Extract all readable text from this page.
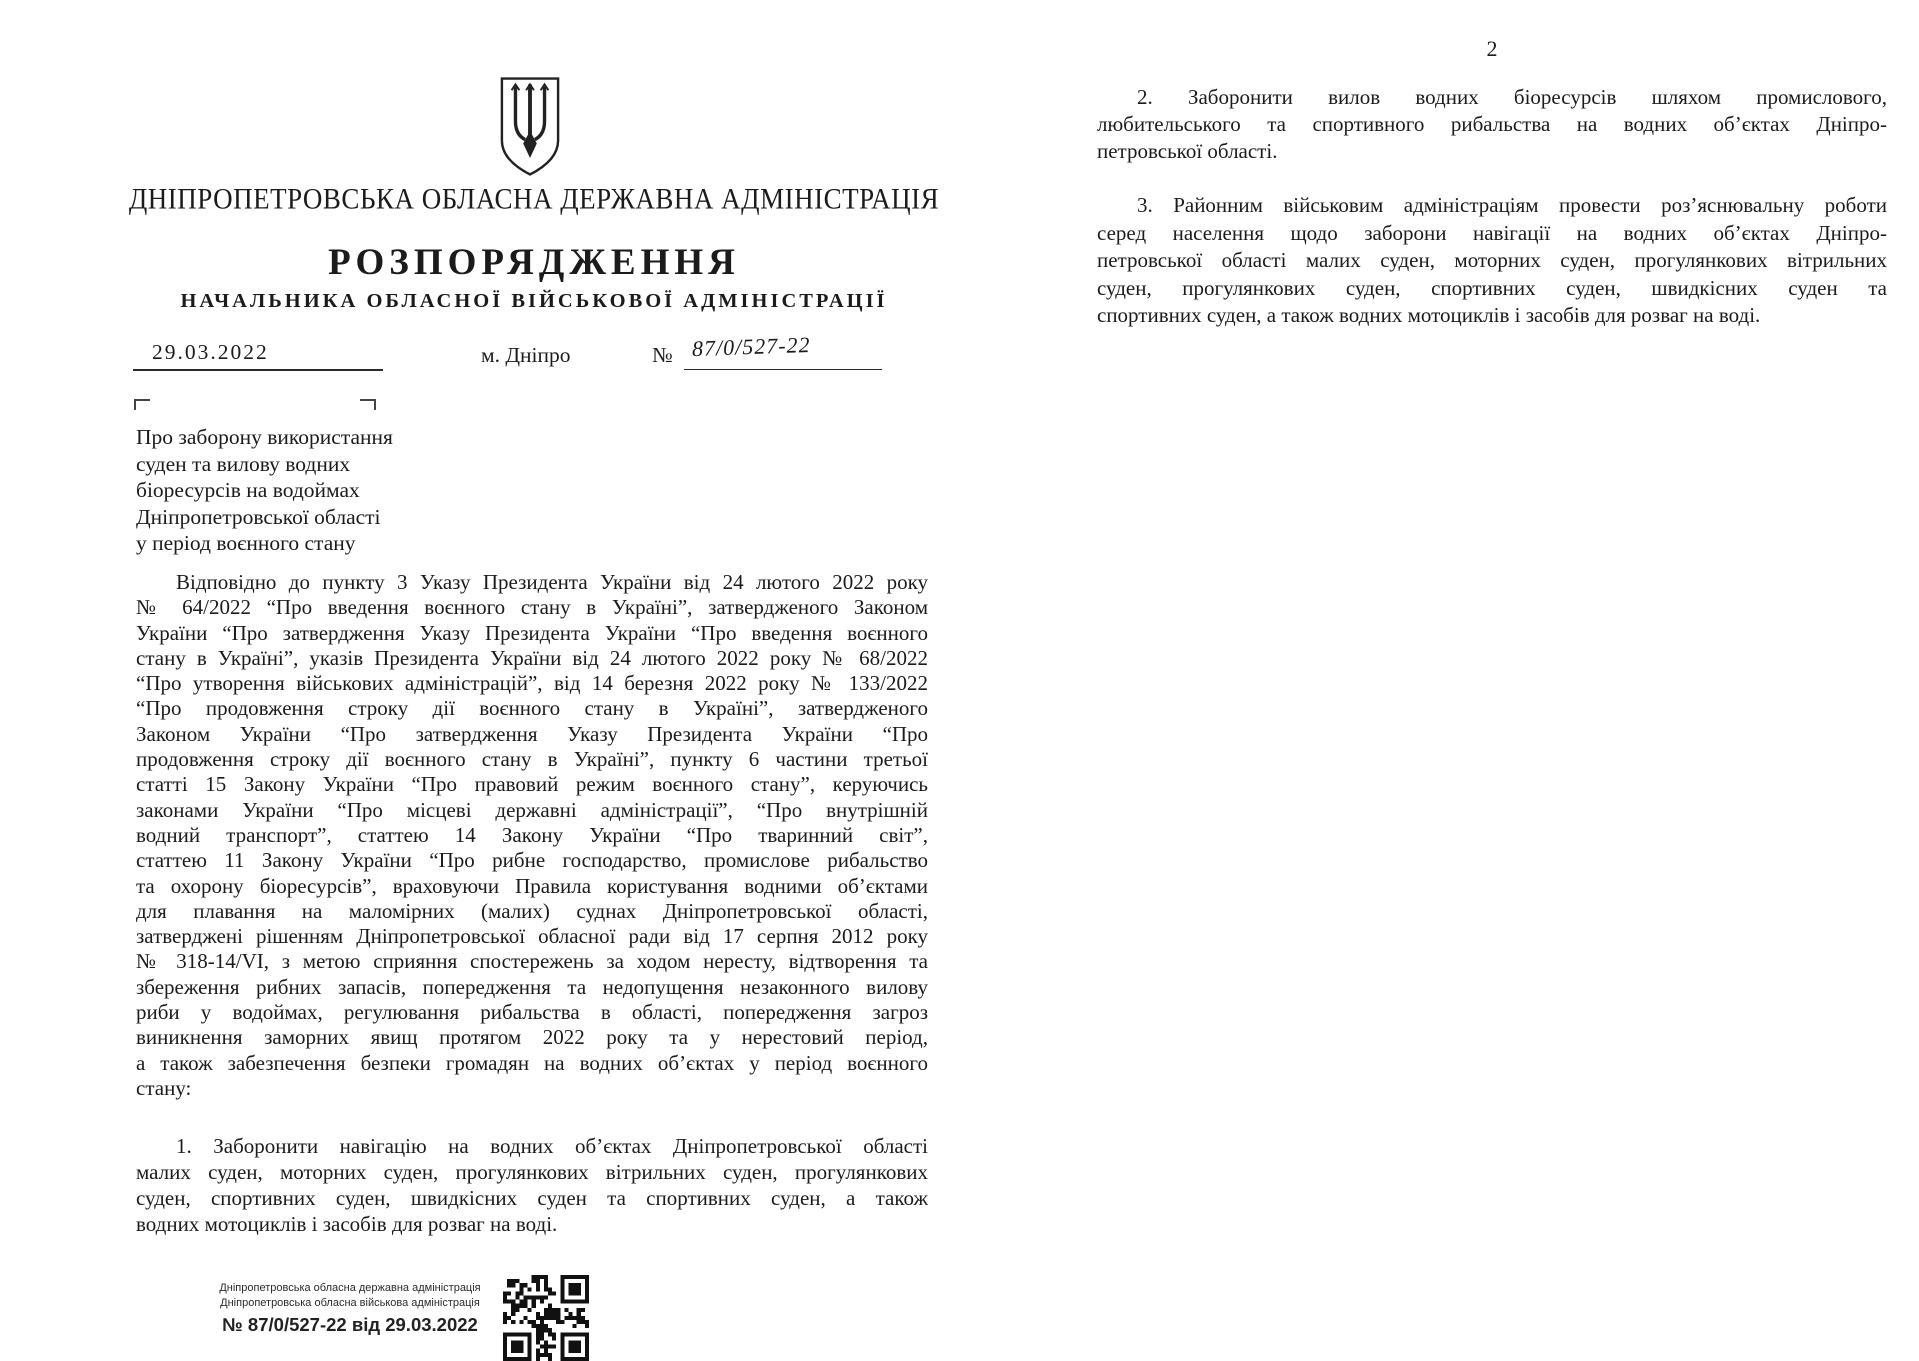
ДНІПРОПЕТРОВСЬКА ОБЛАСНА ДЕРЖАВНА АДМІНІСТРАЦІЯ
РОЗПОРЯДЖЕННЯ
НАЧАЛЬНИКА ОБЛАСНОЇ ВІЙСЬКОВОЇ АДМІНІСТРАЦІЇ
29.03.2022	м. Дніпро	№ 87/0/527-22
Про заборону використання
суден та вилову водних
біоресурсів на водоймах
Дніпропетровської області
у період воєнного стану
Відповідно до пункту 3 Указу Президента України від 24 лютого 2022 року
№ 64/2022 “Про введення воєнного стану в Україні”, затвердженого Законом
України “Про затвердження Указу Президента України “Про введення воєнного
стану в Україні”, указів Президента України від 24 лютого 2022 року № 68/2022
“Про утворення військових адміністрацій”, від 14 березня 2022 року № 133/2022
“Про продовження строку дії воєнного стану в Україні”, затвердженого
Законом України “Про затвердження Указу Президента України “Про
продовження строку дії воєнного стану в Україні”, пункту 6 частини третьої
статті 15 Закону України “Про правовий режим воєнного стану”, керуючись
законами України “Про місцеві державні адміністрації”, “Про внутрішній
водний транспорт”, статтею 14 Закону України “Про тваринний світ”,
статтею 11 Закону України “Про рибне господарство, промислове рибальство
та охорону біоресурсів”, враховуючи Правила користування водними об’єктами
для плавання на маломірних (малих) суднах Дніпропетровської області,
затверджені рішенням Дніпропетровської обласної ради від 17 серпня 2012 року
№ 318-14/VI, з метою сприяння спостережень за ходом нересту, відтворення та
збереження рибних запасів, попередження та недопущення незаконного вилову
риби у водоймах, регулювання рибальства в області, попередження загроз
виникнення заморних явищ протягом 2022 року та у нерестовий період,
а також забезпечення безпеки громадян на водних об’єктах у період воєнного
стану:
1. Заборонити навігацію на водних об’єктах Дніпропетровської області
малих суден, моторних суден, прогулянкових вітрильних суден, прогулянкових
суден, спортивних суден, швидкісних суден та спортивних суден, а також
водних мотоциклів і засобів для розваг на воді.
Дніпропетровська обласна державна адміністрація
Дніпропетровська обласна військова адміністрація
№ 87/0/527-22 від 29.03.2022
2
2. Заборонити вилов водних біоресурсів шляхом промислового,
любительського та спортивного рибальства на водних об’єктах Дніпро-
петровської області.
3. Районним військовим адміністраціям провести роз’яснювальну роботи
серед населення щодо заборони навігації на водних об’єктах Дніпро-
петровської області малих суден, моторних суден, прогулянкових вітрильних
суден, прогулянкових суден, спортивних суден, швидкісних суден та
спортивних суден, а також водних мотоциклів і засобів для розваг на воді.
